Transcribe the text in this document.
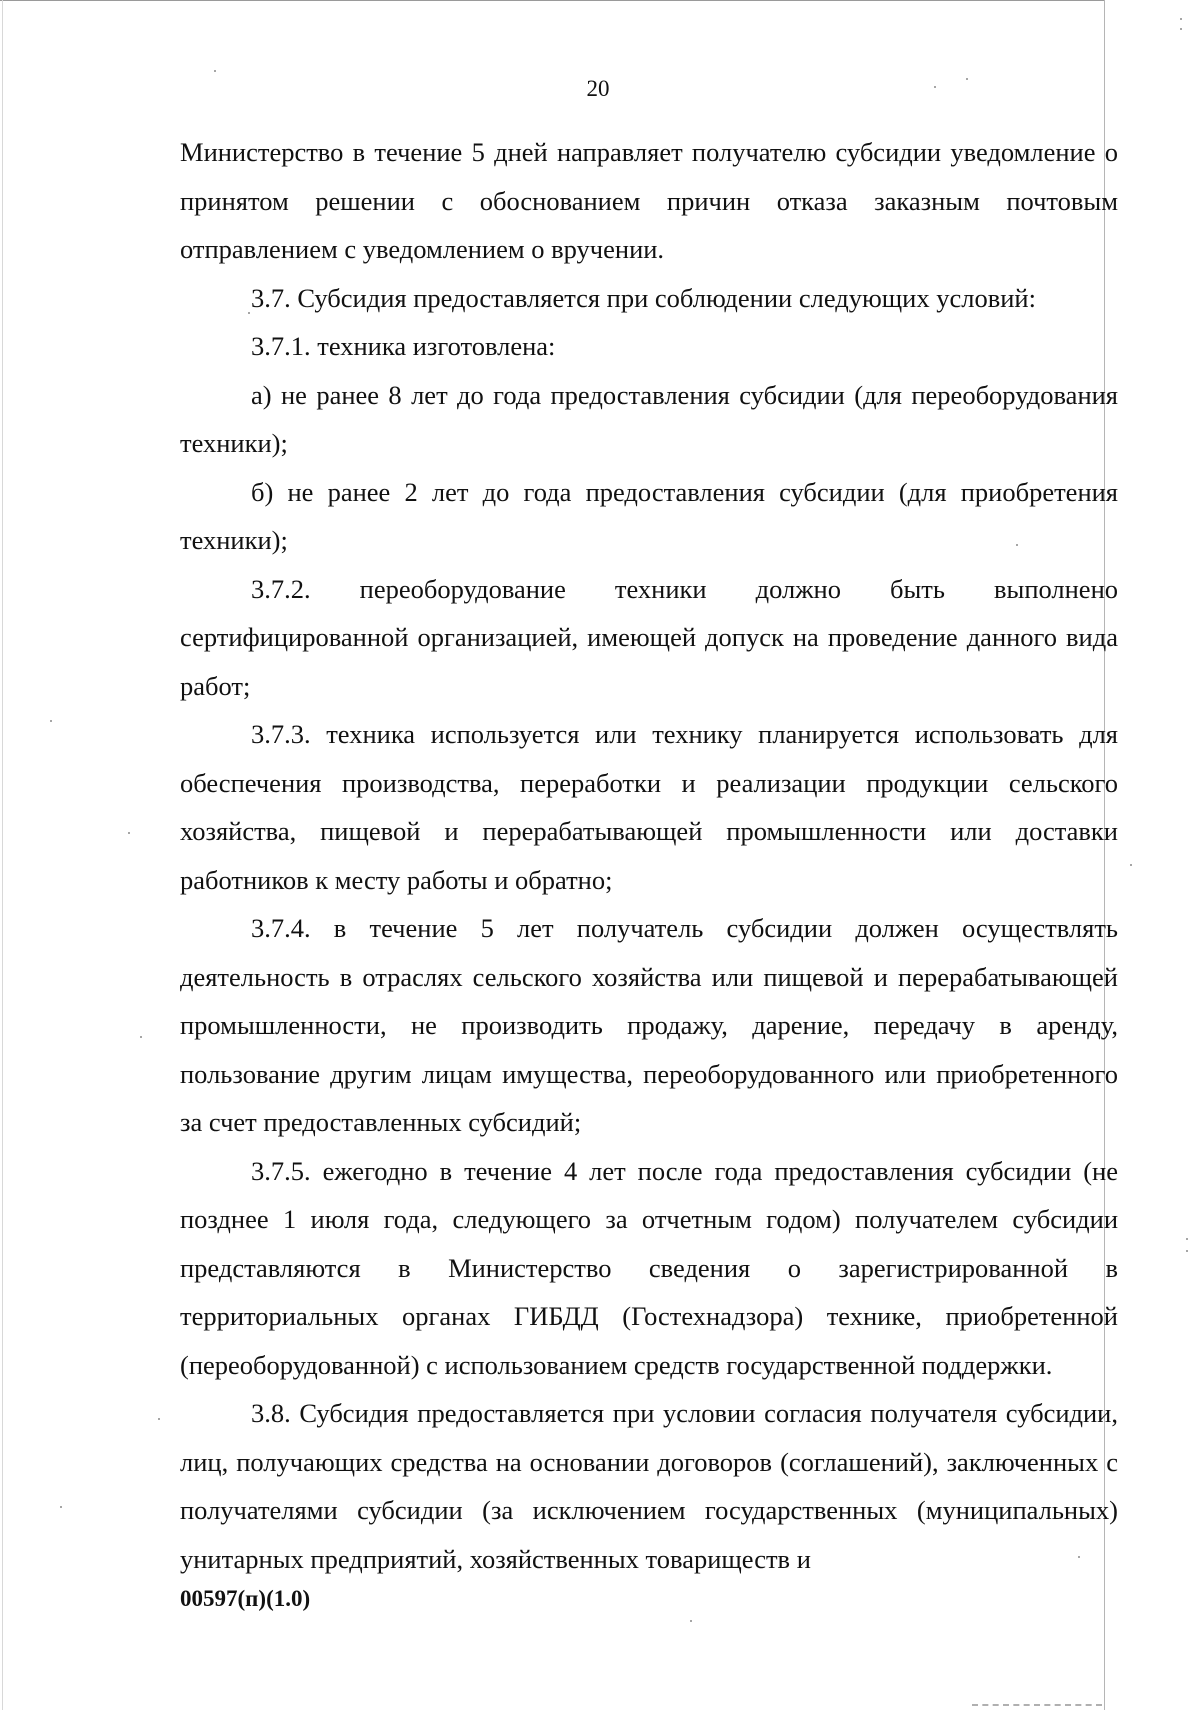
20

Министерство в течение 5 дней направляет получателю субсидии уведомление о принятом решении с обоснованием причин отказа заказным почтовым отправлением с уведомлением о вручении.

3.7. Субсидия предоставляется при соблюдении следующих условий:

3.7.1. техника изготовлена:

а) не ранее 8 лет до года предоставления субсидии (для переоборудования техники);

б) не ранее 2 лет до года предоставления субсидии (для приобретения техники);

3.7.2. переоборудование техники должно быть выполнено сертифицированной организацией, имеющей допуск на проведение данного вида работ;

3.7.3. техника используется или технику планируется использовать для обеспечения производства, переработки и реализации продукции сельского хозяйства, пищевой и перерабатывающей промышленности или доставки работников к месту работы и обратно;

3.7.4. в течение 5 лет получатель субсидии должен осуществлять деятельность в отраслях сельского хозяйства или пищевой и перерабатывающей промышленности, не производить продажу, дарение, передачу в аренду, пользование другим лицам имущества, переоборудованного или приобретенного за счет предоставленных субсидий;

3.7.5. ежегодно в течение 4 лет после года предоставления субсидии (не позднее 1 июля года, следующего за отчетным годом) получателем субсидии представляются в Министерство сведения о зарегистрированной в территориальных органах ГИБДД (Гостехнадзора) технике, приобретенной (переоборудованной) с использованием средств государственной поддержки.

3.8. Субсидия предоставляется при условии согласия получателя субсидии, лиц, получающих средства на основании договоров (соглашений), заключенных с получателями субсидии (за исключением государственных (муниципальных) унитарных предприятий, хозяйственных товариществ и

00597(п)(1.0)
